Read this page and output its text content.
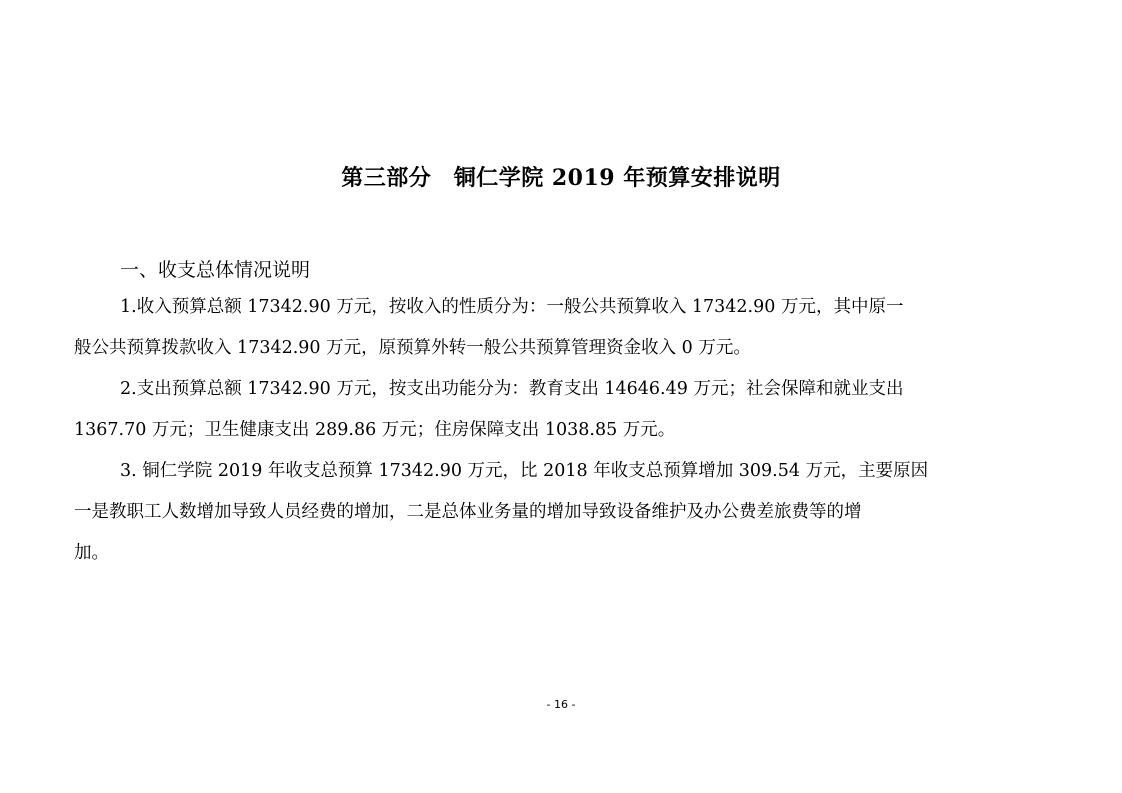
第三部分　铜仁学院 2019 年预算安排说明
一、收支总体情况说明
1.收入预算总额 17342.90 万元，按收入的性质分为：一般公共预算收入 17342.90 万元，其中原一
般公共预算拨款收入 17342.90 万元，原预算外转一般公共预算管理资金收入 0 万元。
2.支出预算总额 17342.90 万元，按支出功能分为：教育支出 14646.49 万元；社会保障和就业支出
1367.70 万元；卫生健康支出 289.86 万元；住房保障支出 1038.85 万元。
3. 铜仁学院 2019 年收支总预算 17342.90 万元，比 2018 年收支总预算增加 309.54 万元，主要原因
一是教职工人数增加导致人员经费的增加，二是总体业务量的增加导致设备维护及办公费差旅费等的增
加。
- 16 -
